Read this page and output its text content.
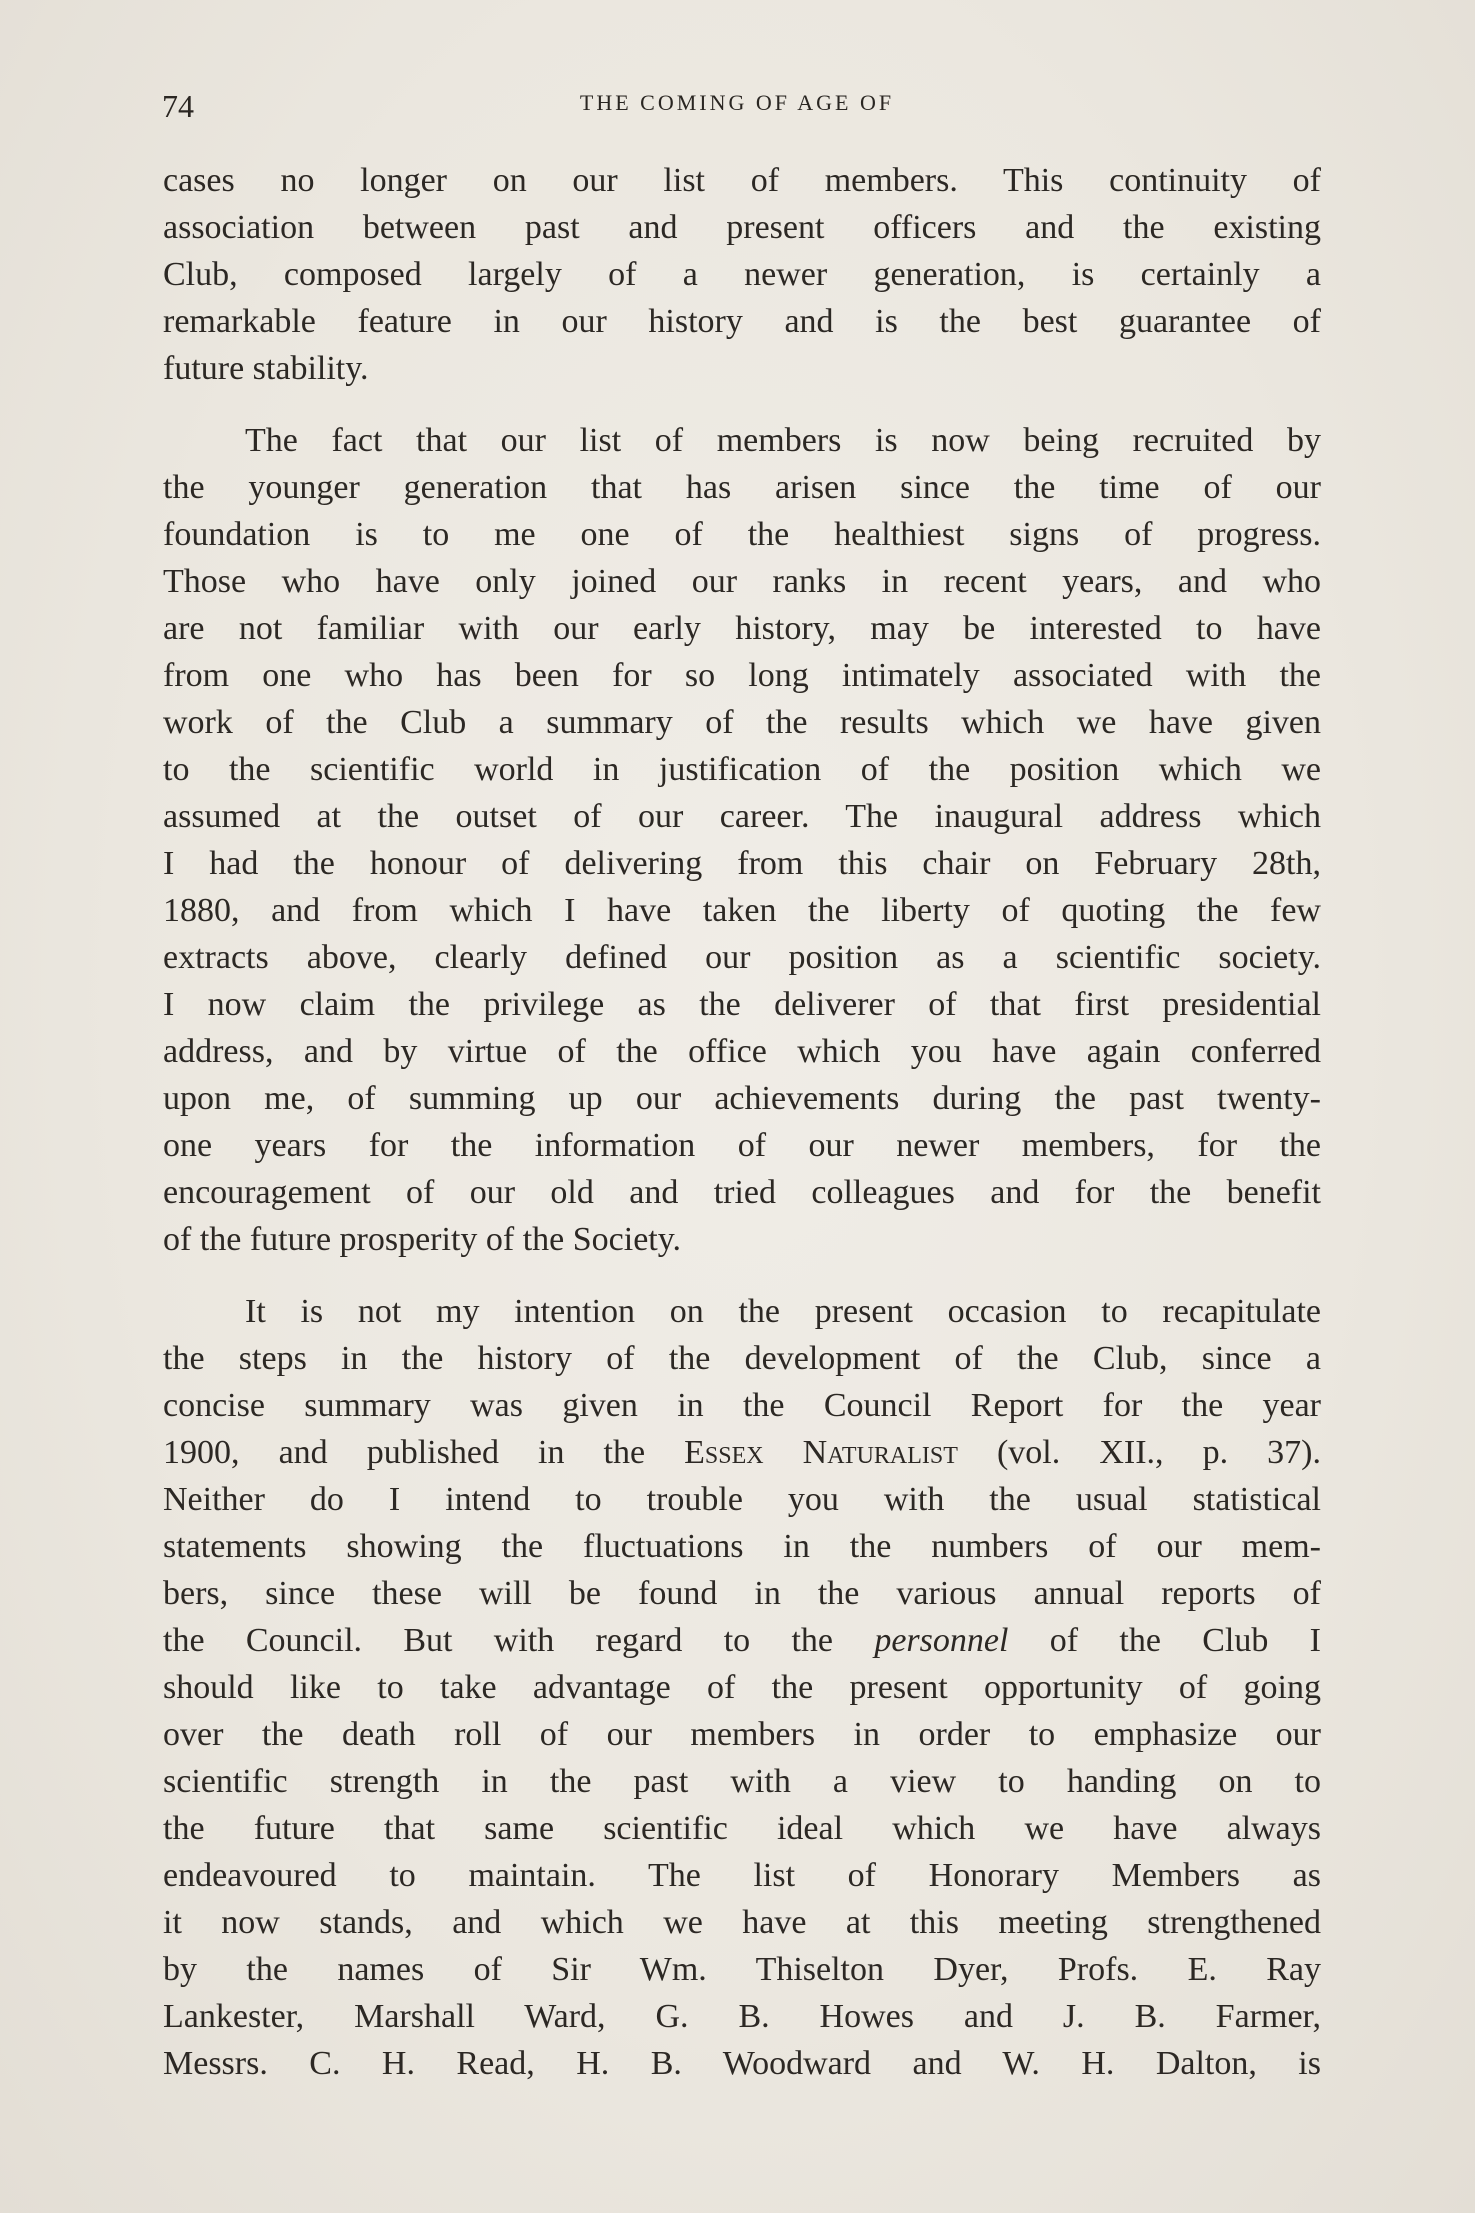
74	THE COMING OF AGE OF
cases no longer on our list of members. This continuity of
association between past and present officers and the existing
Club, composed largely of a newer generation, is certainly a
remarkable feature in our history and is the best guarantee of
future stability.
The fact that our list of members is now being recruited by
the younger generation that has arisen since the time of our
foundation is to me one of the healthiest signs of progress.
Those who have only joined our ranks in recent years, and who
are not familiar with our early history, may be interested to have
from one who has been for so long intimately associated with the
work of the Club a summary of the results which we have given
to the scientific world in justification of the position which we
assumed at the outset of our career. The inaugural address which
I had the honour of delivering from this chair on February 28th,
1880, and from which I have taken the liberty of quoting the few
extracts above, clearly defined our position as a scientific society.
I now claim the privilege as the deliverer of that first presidential
address, and by virtue of the office which you have again conferred
upon me, of summing up our achievements during the past twenty-
one years for the information of our newer members, for the
encouragement of our old and tried colleagues and for the benefit
of the future prosperity of the Society.
It is not my intention on the present occasion to recapitulate
the steps in the history of the development of the Club, since a
concise summary was given in the Council Report for the year
1900, and published in the Essex Naturalist (vol. XII., p. 37).
Neither do I intend to trouble you with the usual statistical
statements showing the fluctuations in the numbers of our mem-
bers, since these will be found in the various annual reports of
the Council. But with regard to the personnel of the Club I
should like to take advantage of the present opportunity of going
over the death roll of our members in order to emphasize our
scientific strength in the past with a view to handing on to
the future that same scientific ideal which we have always
endeavoured to maintain. The list of Honorary Members as
it now stands, and which we have at this meeting strengthened
by the names of Sir Wm. Thiselton Dyer, Profs. E. Ray
Lankester, Marshall Ward, G. B. Howes and J. B. Farmer,
Messrs. C. H. Read, H. B. Woodward and W. H. Dalton, is
